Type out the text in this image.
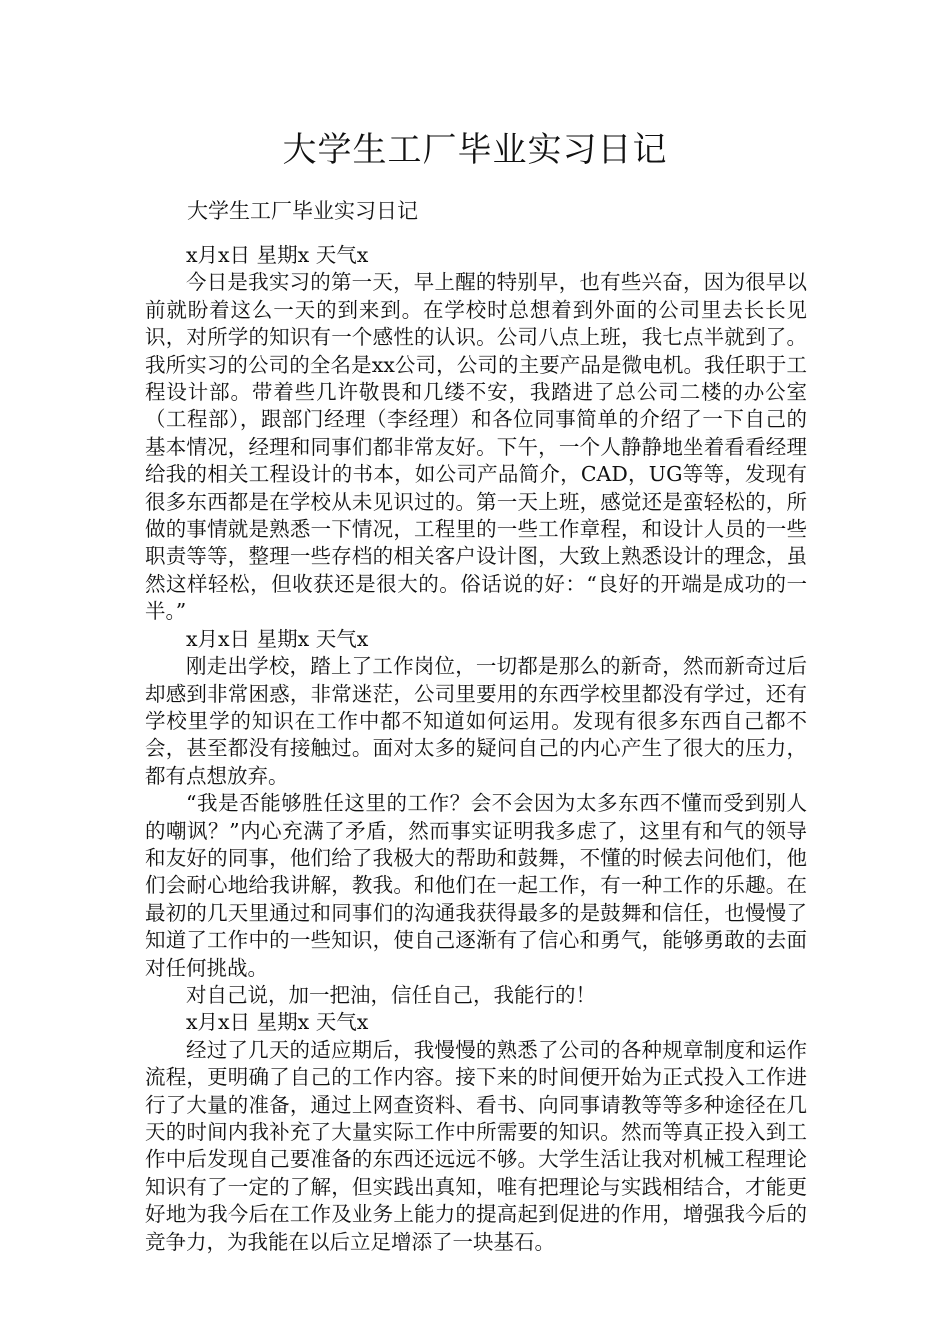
大学生工厂毕业实习日记

大学生工厂毕业实习日记

x月x日 星期x 天气x

今日是我实习的第一天，早上醒的特别早，也有些兴奋，因为很早以前就盼着这么一天的到来到。在学校时总想着到外面的公司里去长长见识，对所学的知识有一个感性的认识。公司八点上班，我七点半就到了。我所实习的公司的全名是xx公司，公司的主要产品是微电机。我任职于工程设计部。带着些几许敬畏和几缕不安，我踏进了总公司二楼的办公室（工程部），跟部门经理（李经理）和各位同事简单的介绍了一下自己的基本情况，经理和同事们都非常友好。下午，一个人静静地坐着看看经理给我的相关工程设计的书本，如公司产品简介，CAD，UG等等，发现有很多东西都是在学校从未见识过的。第一天上班，感觉还是蛮轻松的，所做的事情就是熟悉一下情况，工程里的一些工作章程，和设计人员的一些职责等等，整理一些存档的相关客户设计图，大致上熟悉设计的理念，虽然这样轻松，但收获还是很大的。俗话说的好：“良好的开端是成功的一半。”

x月x日 星期x 天气x

刚走出学校，踏上了工作岗位，一切都是那么的新奇，然而新奇过后却感到非常困惑，非常迷茫，公司里要用的东西学校里都没有学过，还有学校里学的知识在工作中都不知道如何运用。发现有很多东西自己都不会，甚至都没有接触过。面对太多的疑问自己的内心产生了很大的压力，都有点想放弃。

“我是否能够胜任这里的工作？会不会因为太多东西不懂而受到别人的嘲讽？”内心充满了矛盾，然而事实证明我多虑了，这里有和气的领导和友好的同事，他们给了我极大的帮助和鼓舞，不懂的时候去问他们，他们会耐心地给我讲解，教我。和他们在一起工作，有一种工作的乐趣。在最初的几天里通过和同事们的沟通我获得最多的是鼓舞和信任，也慢慢了知道了工作中的一些知识，使自己逐渐有了信心和勇气，能够勇敢的去面对任何挑战。

对自己说，加一把油，信任自己，我能行的！

x月x日 星期x 天气x

经过了几天的适应期后，我慢慢的熟悉了公司的各种规章制度和运作流程，更明确了自己的工作内容。接下来的时间便开始为正式投入工作进行了大量的准备，通过上网查资料、看书、向同事请教等等多种途径在几天的时间内我补充了大量实际工作中所需要的知识。然而等真正投入到工作中后发现自己要准备的东西还远远不够。大学生活让我对机械工程理论知识有了一定的了解，但实践出真知，唯有把理论与实践相结合，才能更好地为我今后在工作及业务上能力的提高起到促进的作用，增强我今后的竞争力，为我能在以后立足增添了一块基石。
